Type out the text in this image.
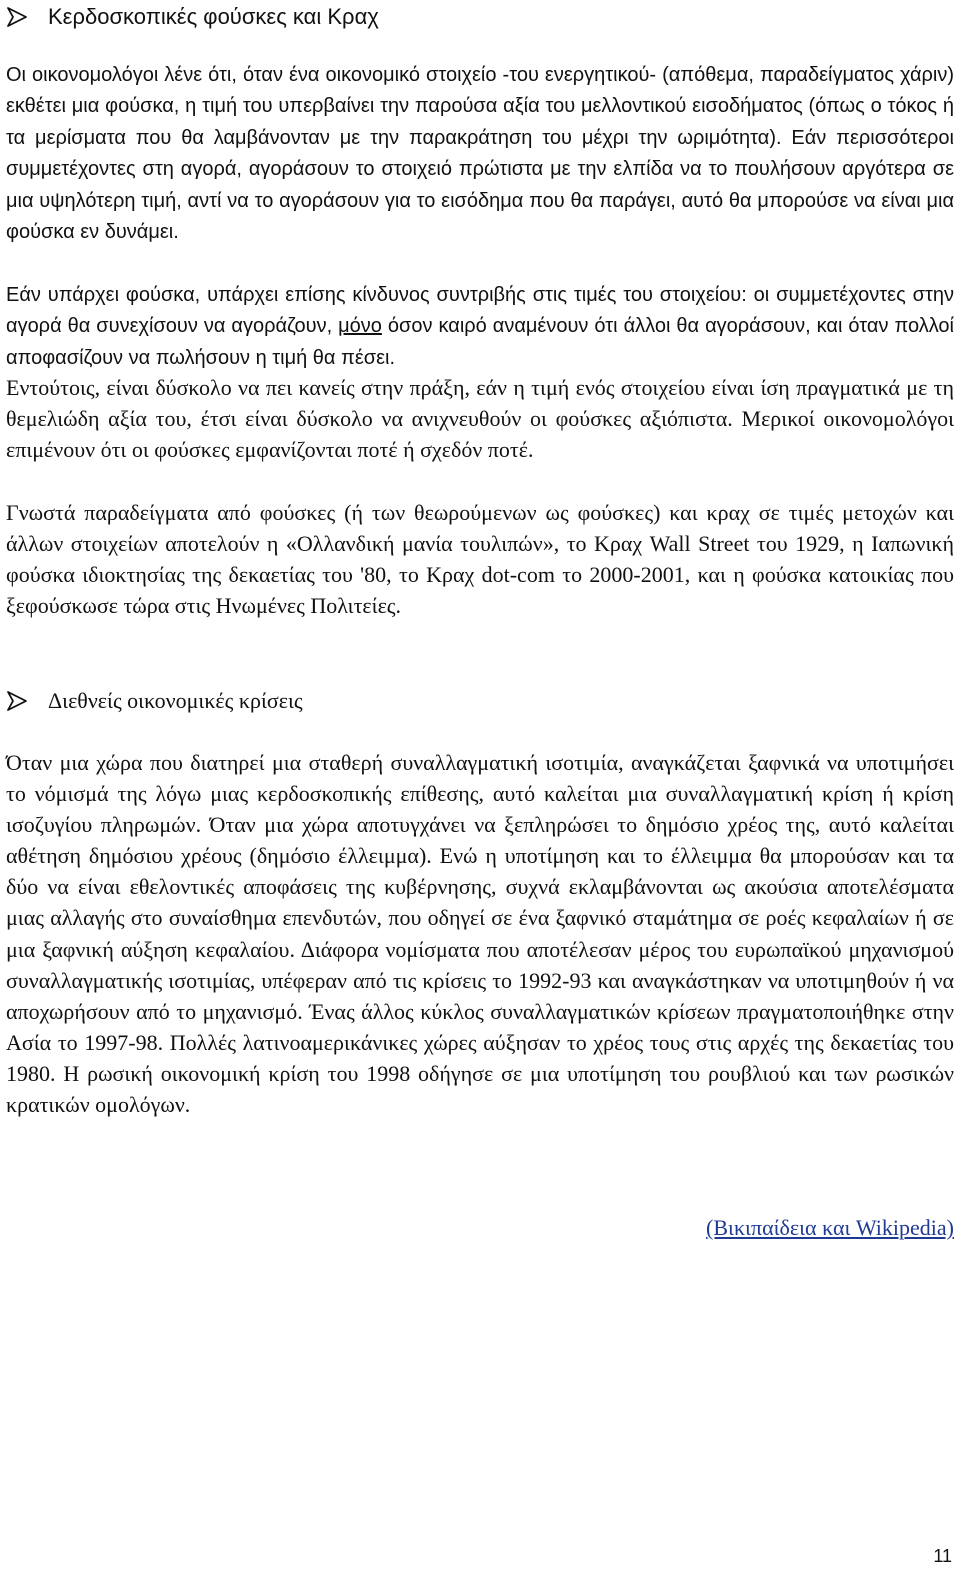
Κερδοσκοπικές φούσκες και Κραχ

Οι οικονομολόγοι λένε ότι, όταν ένα οικονομικό στοιχείο -του ενεργητικού- (απόθεμα, παραδείγματος χάριν) εκθέτει μια φούσκα, η τιμή του υπερβαίνει την παρούσα αξία του μελλοντικού εισοδήματος (όπως ο τόκος ή τα μερίσματα που θα λαμβάνονταν με την παρακράτηση του μέχρι την ωριμότητα). Εάν περισσότεροι συμμετέχοντες στη αγορά, αγοράσουν το στοιχειό πρώτιστα με την ελπίδα να το πουλήσουν αργότερα σε μια υψηλότερη τιμή, αντί να το αγοράσουν για το εισόδημα που θα παράγει, αυτό θα μπορούσε να είναι μια φούσκα εν δυνάμει.

Εάν υπάρχει φούσκα, υπάρχει επίσης κίνδυνος συντριβής στις τιμές του στοιχείου: οι συμμετέχοντες στην αγορά θα συνεχίσουν να αγοράζουν, μόνο όσον καιρό αναμένουν ότι άλλοι θα αγοράσουν, και όταν πολλοί αποφασίζουν να πωλήσουν η τιμή θα πέσει.

Εντούτοις, είναι δύσκολο να πει κανείς στην πράξη, εάν η τιμή ενός στοιχείου είναι ίση πραγματικά με τη θεμελιώδη αξία του, έτσι είναι δύσκολο να ανιχνευθούν οι φούσκες αξιόπιστα. Μερικοί οικονομολόγοι επιμένουν ότι οι φούσκες εμφανίζονται ποτέ ή σχεδόν ποτέ.

Γνωστά παραδείγματα από φούσκες (ή των θεωρούμενων ως φούσκες) και κραχ σε τιμές μετοχών και άλλων στοιχείων αποτελούν η «Ολλανδική μανία τουλιπών», το Κραχ Wall Street του 1929, η Ιαπωνική φούσκα ιδιοκτησίας της δεκαετίας του '80, το Κραχ dot-com το 2000-2001, και η φούσκα κατοικίας που ξεφούσκωσε τώρα στις Ηνωμένες Πολιτείες.

Διεθνείς οικονομικές κρίσεις

Όταν μια χώρα που διατηρεί μια σταθερή συναλλαγματική ισοτιμία, αναγκάζεται ξαφνικά να υποτιμήσει το νόμισμά της λόγω μιας κερδοσκοπικής επίθεσης, αυτό καλείται μια συναλλαγματική κρίση ή κρίση ισοζυγίου πληρωμών. Όταν μια χώρα αποτυγχάνει να ξεπληρώσει το δημόσιο χρέος της, αυτό καλείται αθέτηση δημόσιου χρέους (δημόσιο έλλειμμα). Ενώ η υποτίμηση και το έλλειμμα θα μπορούσαν και τα δύο να είναι εθελοντικές αποφάσεις της κυβέρνησης, συχνά εκλαμβάνονται ως ακούσια αποτελέσματα μιας αλλαγής στο συναίσθημα επενδυτών, που οδηγεί σε ένα ξαφνικό σταμάτημα σε ροές κεφαλαίων ή σε μια ξαφνική αύξηση κεφαλαίου. Διάφορα νομίσματα που αποτέλεσαν μέρος του ευρωπαϊκού μηχανισμού συναλλαγματικής ισοτιμίας, υπέφεραν από τις κρίσεις το 1992-93 και αναγκάστηκαν να υποτιμηθούν ή να αποχωρήσουν από το μηχανισμό. Ένας άλλος κύκλος συναλλαγματικών κρίσεων πραγματοποιήθηκε στην Ασία το 1997-98. Πολλές λατινοαμερικάνικες χώρες αύξησαν το χρέος τους στις αρχές της δεκαετίας του 1980. Η ρωσική οικονομική κρίση του 1998 οδήγησε σε μια υποτίμηση του ρουβλιού και των ρωσικών κρατικών ομολόγων.

(Βικιπαίδεια και Wikipedia)
11
